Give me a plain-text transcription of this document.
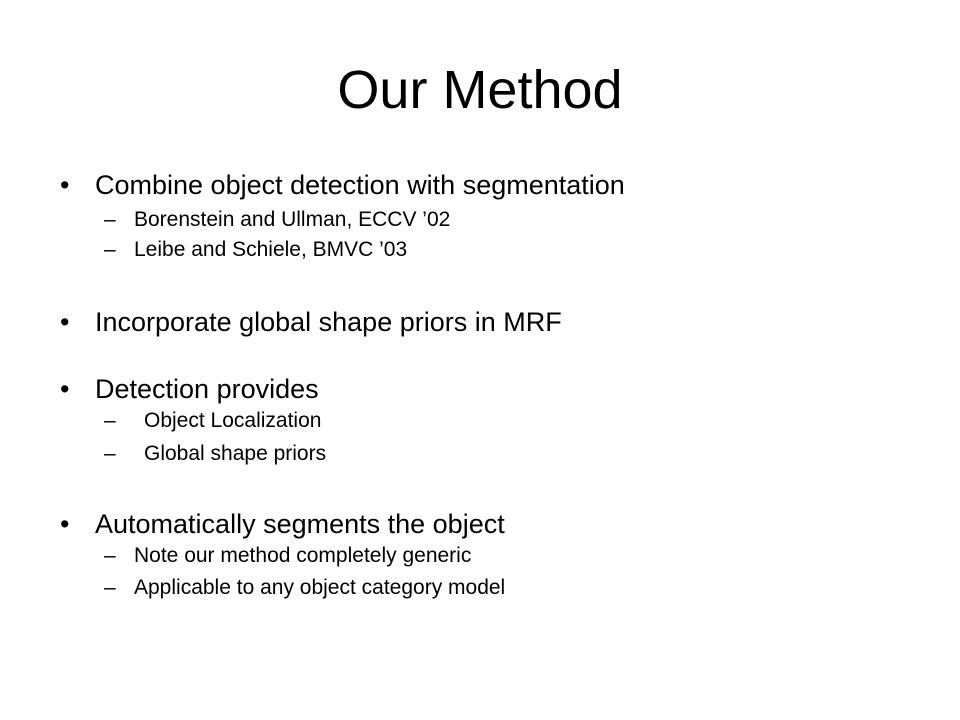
Our Method
• Combine object detection with segmentation
– Borenstein and Ullman, ECCV ’02
– Leibe and Schiele, BMVC ’03
• Incorporate global shape priors in MRF
• Detection provides
– Object Localization
– Global shape priors
• Automatically segments the object
– Note our method completely generic
– Applicable to any object category model
